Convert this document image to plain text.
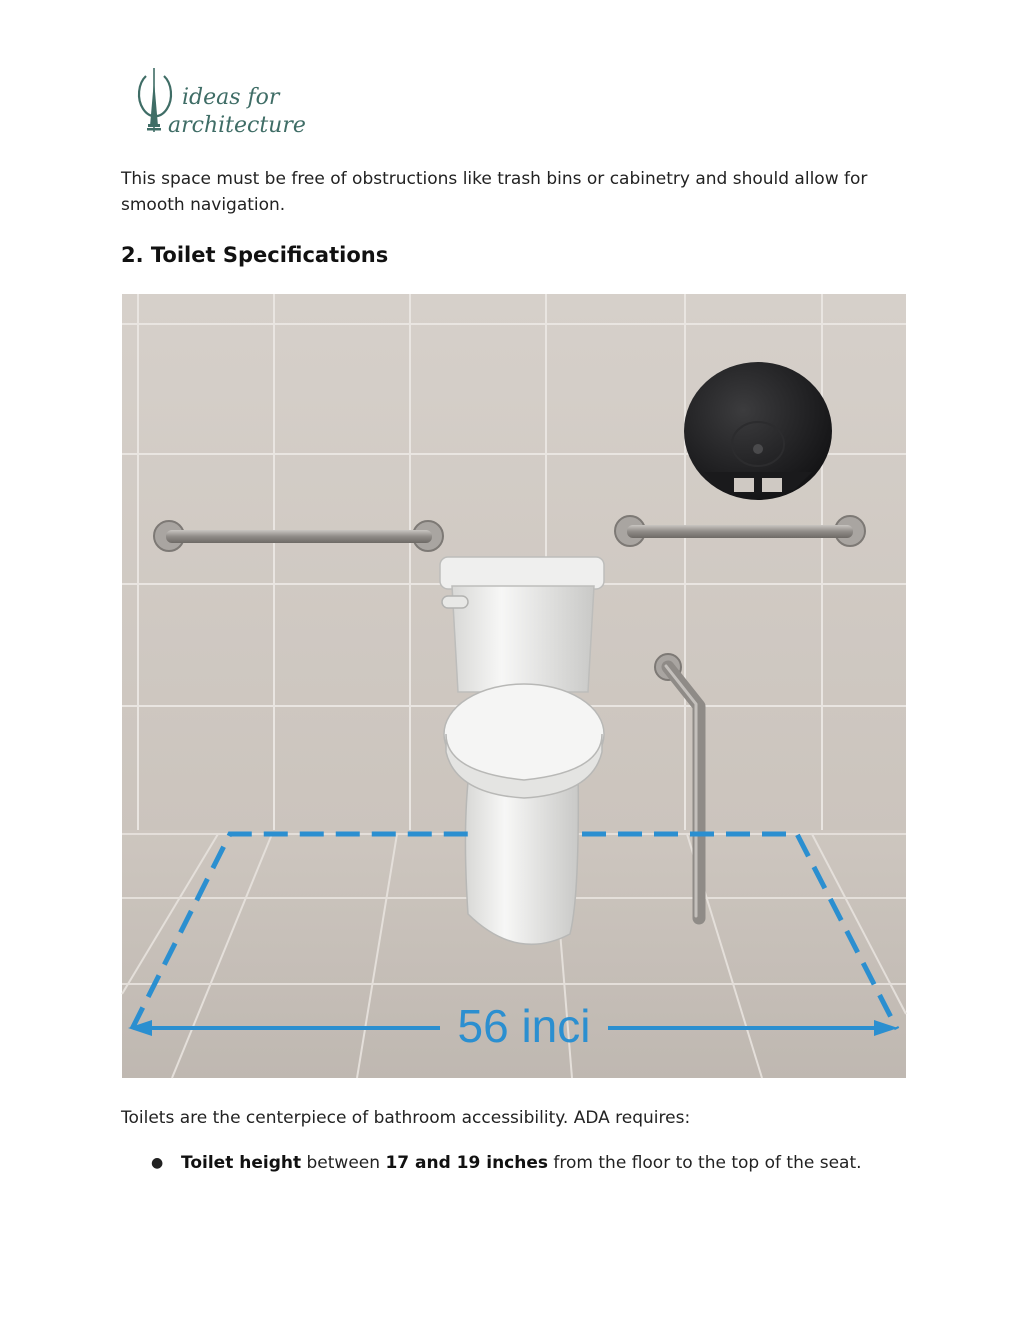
ideas for
architecture

This space must be free of obstructions like trash bins or cabinetry and should allow for smooth navigation.

2. Toilet Specifications
56 inci

Toilets are the centerpiece of bathroom accessibility. ADA requires:

● Toilet height between 17 and 19 inches from the floor to the top of the seat.
